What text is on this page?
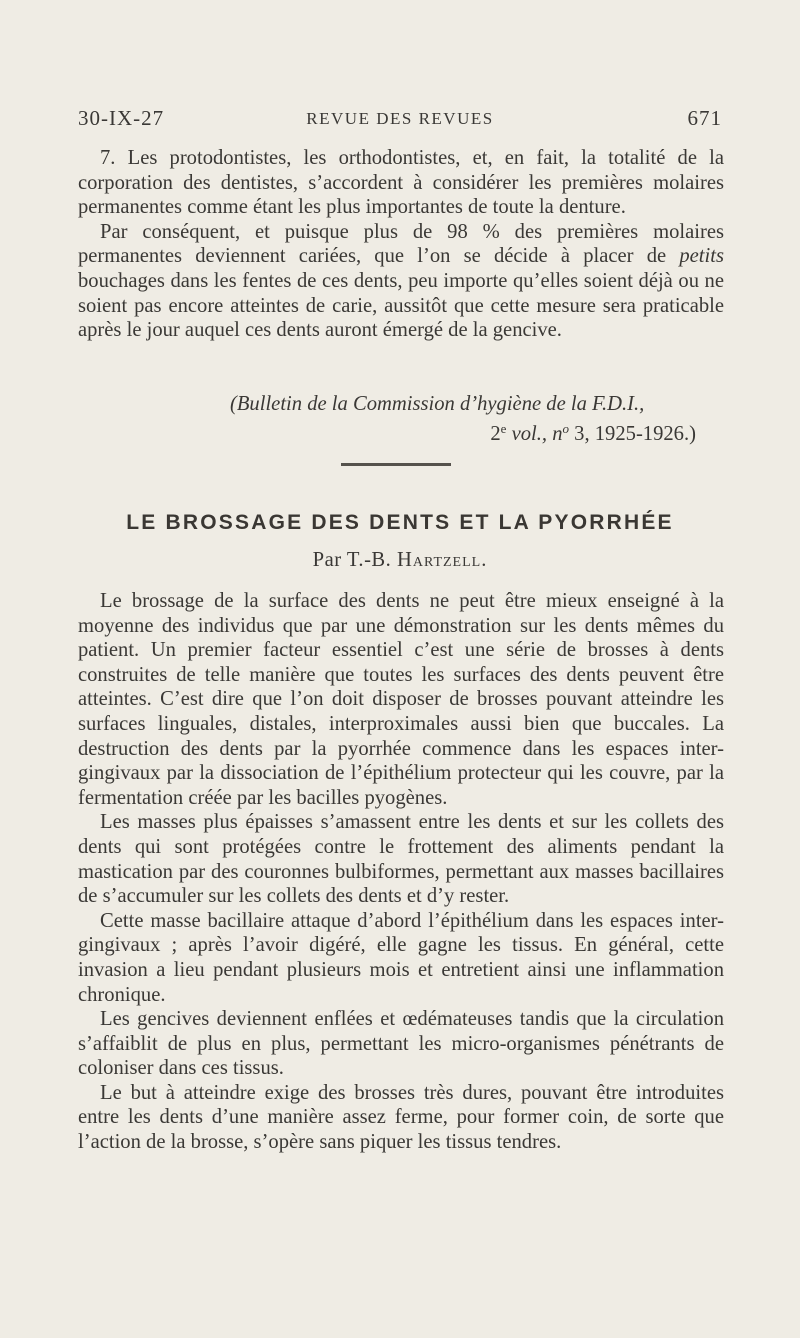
30-IX-27	REVUE DES REVUES	671

7. Les protodontistes, les orthodontistes, et, en fait, la totalité de la corporation des dentistes, s’accordent à considérer les premières molaires permanentes comme étant les plus importantes de toute la denture.

Par conséquent, et puisque plus de 98 % des premières molaires permanentes deviennent cariées, que l’on se décide à placer de petits bouchages dans les fentes de ces dents, peu importe qu’elles soient déjà ou ne soient pas encore atteintes de carie, aussitôt que cette mesure sera praticable après le jour auquel ces dents auront émergé de la gencive.

(Bulletin de la Commission d’hygiène de la F.D.I.,
2e vol., $n^o$ 3, 1925-1926.)
LE BROSSAGE DES DENTS ET LA PYORRHÉE
Par T.-B. Hartzell.

Le brossage de la surface des dents ne peut être mieux enseigné à la moyenne des individus que par une démonstration sur les dents mêmes du patient. Un premier facteur essentiel c’est une série de brosses à dents construites de telle manière que toutes les surfaces des dents peuvent être atteintes. C’est dire que l’on doit disposer de brosses pouvant atteindre les surfaces linguales, distales, interproximales aussi bien que buccales. La destruction des dents par la pyorrhée commence dans les espaces inter-gingivaux par la dissociation de l’épithélium protecteur qui les couvre, par la fermentation créée par les bacilles pyogènes.

Les masses plus épaisses s’amassent entre les dents et sur les collets des dents qui sont protégées contre le frottement des aliments pendant la mastication par des couronnes bulbiformes, permettant aux masses bacillaires de s’accumuler sur les collets des dents et d’y rester.

Cette masse bacillaire attaque d’abord l’épithélium dans les espaces inter-gingivaux ; après l’avoir digéré, elle gagne les tissus. En général, cette invasion a lieu pendant plusieurs mois et entretient ainsi une inflammation chronique.

Les gencives deviennent enflées et œdémateuses tandis que la circulation s’affaiblit de plus en plus, permettant les micro-organismes pénétrants de coloniser dans ces tissus.

Le but à atteindre exige des brosses très dures, pouvant être introduites entre les dents d’une manière assez ferme, pour former coin, de sorte que l’action de la brosse, s’opère sans piquer les tissus tendres.
